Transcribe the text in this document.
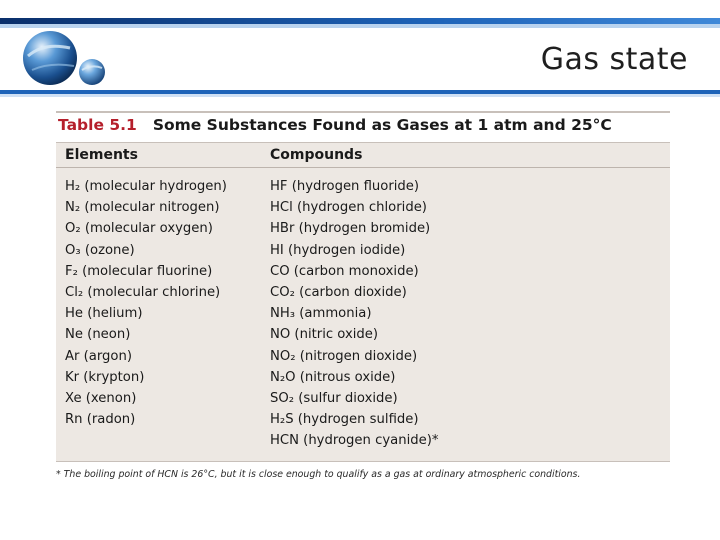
Gas state
Table 5.1 Some Substances Found as Gases at 1 atm and 25°C
Elements	Compounds
H₂ (molecular hydrogen)
N₂ (molecular nitrogen)
O₂ (molecular oxygen)
O₃ (ozone)
F₂ (molecular fluorine)
Cl₂ (molecular chlorine)
He (helium)
Ne (neon)
Ar (argon)
Kr (krypton)
Xe (xenon)
Rn (radon)
HF (hydrogen fluoride)
HCl (hydrogen chloride)
HBr (hydrogen bromide)
HI (hydrogen iodide)
CO (carbon monoxide)
CO₂ (carbon dioxide)
NH₃ (ammonia)
NO (nitric oxide)
NO₂ (nitrogen dioxide)
N₂O (nitrous oxide)
SO₂ (sulfur dioxide)
H₂S (hydrogen sulfide)
HCN (hydrogen cyanide)*
* The boiling point of HCN is 26°C, but it is close enough to qualify as a gas at ordinary atmospheric conditions.
